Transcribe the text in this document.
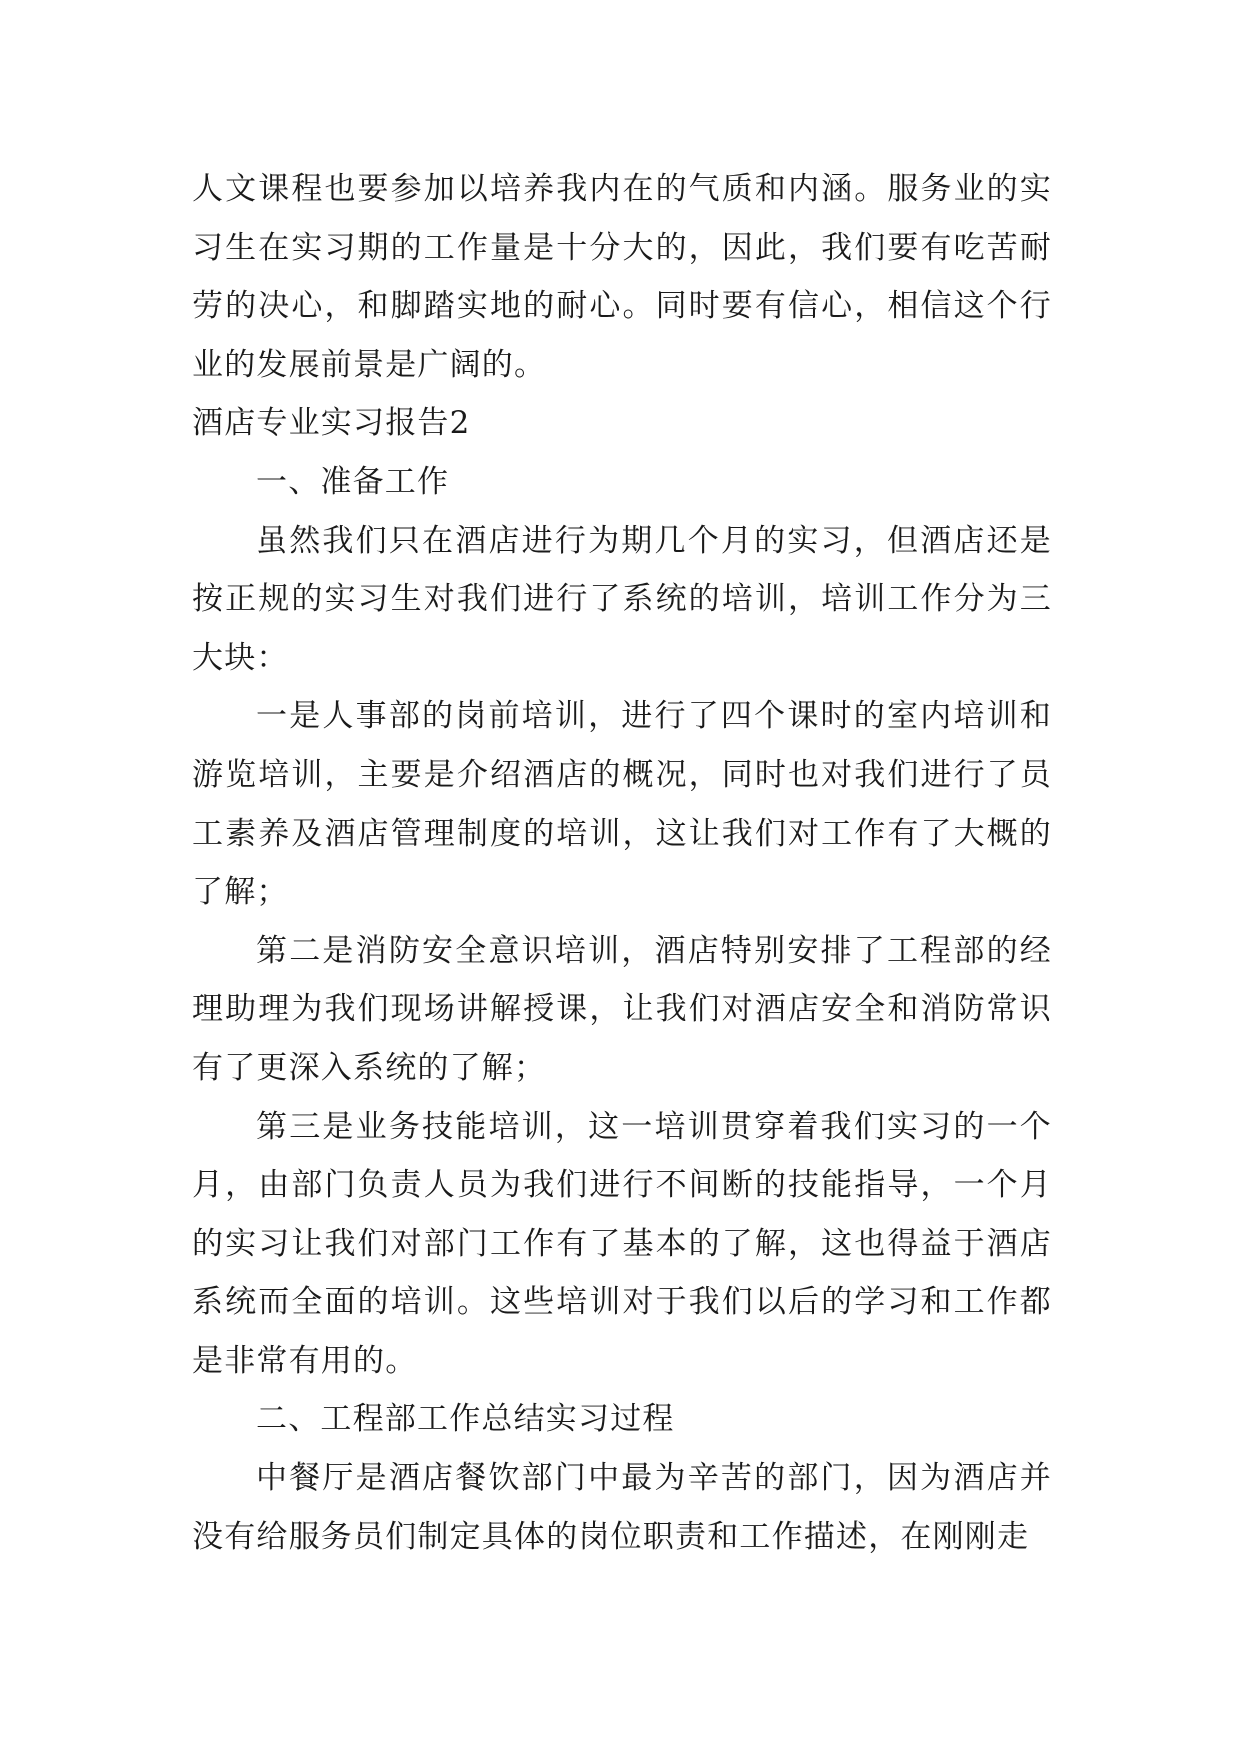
人文课程也要参加以培养我内在的气质和内涵。服务业的实习生在实习期的工作量是十分大的，因此，我们要有吃苦耐劳的决心，和脚踏实地的耐心。同时要有信心，相信这个行业的发展前景是广阔的。

酒店专业实习报告2

一、准备工作

虽然我们只在酒店进行为期几个月的实习，但酒店还是按正规的实习生对我们进行了系统的培训，培训工作分为三大块：

一是人事部的岗前培训，进行了四个课时的室内培训和游览培训，主要是介绍酒店的概况，同时也对我们进行了员工素养及酒店管理制度的培训，这让我们对工作有了大概的了解；

第二是消防安全意识培训，酒店特别安排了工程部的经理助理为我们现场讲解授课，让我们对酒店安全和消防常识有了更深入系统的了解；

第三是业务技能培训，这一培训贯穿着我们实习的一个月，由部门负责人员为我们进行不间断的技能指导，一个月的实习让我们对部门工作有了基本的了解，这也得益于酒店系统而全面的培训。这些培训对于我们以后的学习和工作都是非常有用的。

二、工程部工作总结实习过程

中餐厅是酒店餐饮部门中最为辛苦的部门，因为酒店并没有给服务员们制定具体的岗位职责和工作描述，在刚刚走
